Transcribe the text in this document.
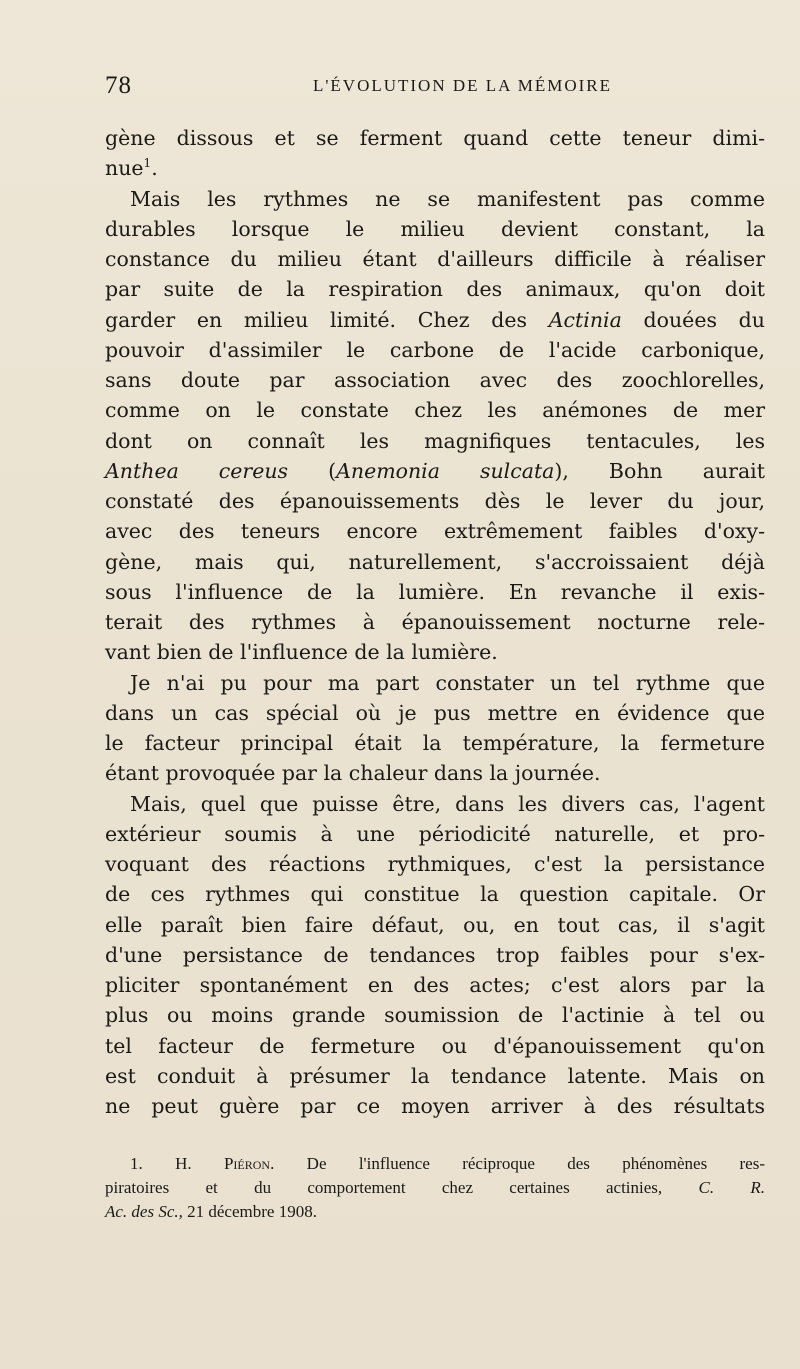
78	L'ÉVOLUTION DE LA MÉMOIRE
gène dissous et se ferment quand cette teneur dimi-
nue$^1$.
Mais les rythmes ne se manifestent pas comme
durables lorsque le milieu devient constant, la
constance du milieu étant d'ailleurs difficile à réaliser
par suite de la respiration des animaux, qu'on doit
garder en milieu limité. Chez des Actinia douées du
pouvoir d'assimiler le carbone de l'acide carbonique,
sans doute par association avec des zoochlorelles,
comme on le constate chez les anémones de mer
dont on connaît les magnifiques tentacules, les
Anthea cereus (Anemonia sulcata), Bohn aurait
constaté des épanouissements dès le lever du jour,
avec des teneurs encore extrêmement faibles d'oxy-
gène, mais qui, naturellement, s'accroissaient déjà
sous l'influence de la lumière. En revanche il exis-
terait des rythmes à épanouissement nocturne rele-
vant bien de l'influence de la lumière.
Je n'ai pu pour ma part constater un tel rythme que
dans un cas spécial où je pus mettre en évidence que
le facteur principal était la température, la fermeture
étant provoquée par la chaleur dans la journée.
Mais, quel que puisse être, dans les divers cas, l'agent
extérieur soumis à une périodicité naturelle, et pro-
voquant des réactions rythmiques, c'est la persistance
de ces rythmes qui constitue la question capitale. Or
elle paraît bien faire défaut, ou, en tout cas, il s'agit
d'une persistance de tendances trop faibles pour s'ex-
pliciter spontanément en des actes; c'est alors par la
plus ou moins grande soumission de l'actinie à tel ou
tel facteur de fermeture ou d'épanouissement qu'on
est conduit à présumer la tendance latente. Mais on
ne peut guère par ce moyen arriver à des résultats
1. H. Piéron. De l'influence réciproque des phénomènes res-
piratoires et du comportement chez certaines actinies, C. R.
Ac. des Sc., 21 décembre 1908.
